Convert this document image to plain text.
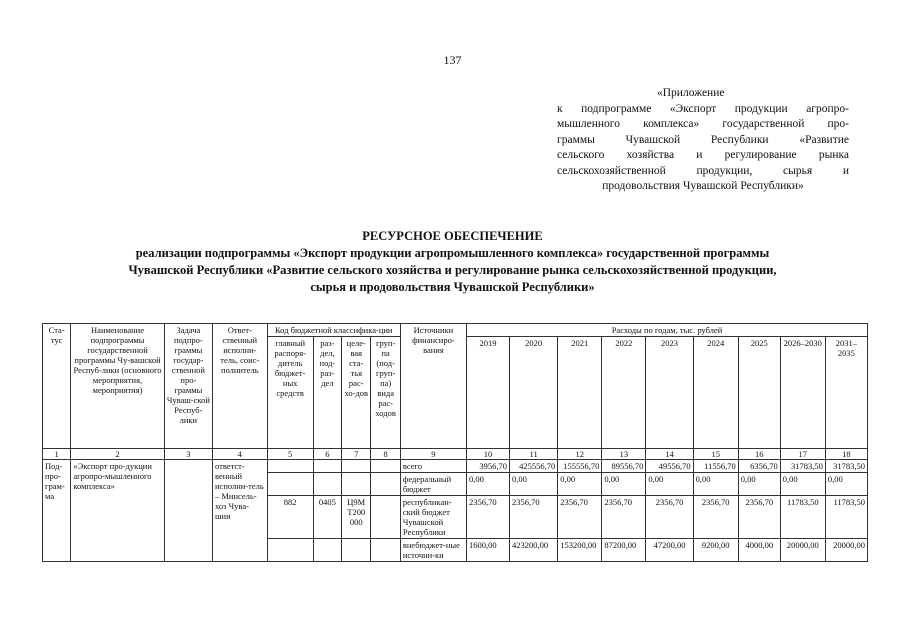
137
«Приложение
к подпрограмме «Экспорт продукции агропро-
мышленного комплекса» государственной про-
граммы Чувашской Республики «Развитие
сельского хозяйства и регулирование рынка
сельскохозяйственной продукции, сырья и
продовольствия Чувашской Республики»
РЕСУРСНОЕ ОБЕСПЕЧЕНИЕ
реализации подпрограммы «Экспорт продукции агропромышленного комплекса» государственной программы
Чувашской Республики «Развитие сельского хозяйства и регулирование рынка сельскохозяйственной продукции,
сырья и продовольствия Чувашской Республики»
Ста-тус	Наименование подпрограммы государственной программы Чу-вашской Респуб-лики (основного мероприятия, мероприятия)	Задача подпро-граммы государ-ственной про-граммы Чуваш-ской Респуб-лики	Ответ-ственный исполни-тель, соис-полнитель	Код бюджетной классифика-ции				Источники финансиро-вания	Расходы по годам, тыс. рублей								
				главный распоря-дитель бюджет-ных средств	раз-дел, под-раз-дел	целе-вая ста-тья рас-хо-дов	груп-па (под-груп-па) вида рас-ходов		2019	2020	2021	2022	2023	2024	2025	2026–2030	2031–2035
1	2	3	4	5	6	7	8	9	10	11	12	13	14	15	16	17	18
Под-про-грам-ма	«Экспорт про-дукции агропро-мышленного комплекса»		ответст-венный исполни-тель – Минсель-хоз Чува-шии					всего	3956,70	425556,70	155556,70	89556,70	49556,70	11556,70	6356,70	31783,50	31783,50
								федеральный бюджет	0,00	0,00	0,00	0,00	0,00	0,00	0,00	0,00	0,00
				882	0405	Ц9М Т200 000		республикан-ский бюджет Чувашской Республики	2356,70	2356,70	2356,70	2356,70	2356,70	2356,70	2356,70	11783,50	11783,50
								внебюджет-ные источни-ки	1600,00	423200,00	153200,00	87200,00	47200,00	9200,00	4000,00	20000,00	20000,00
